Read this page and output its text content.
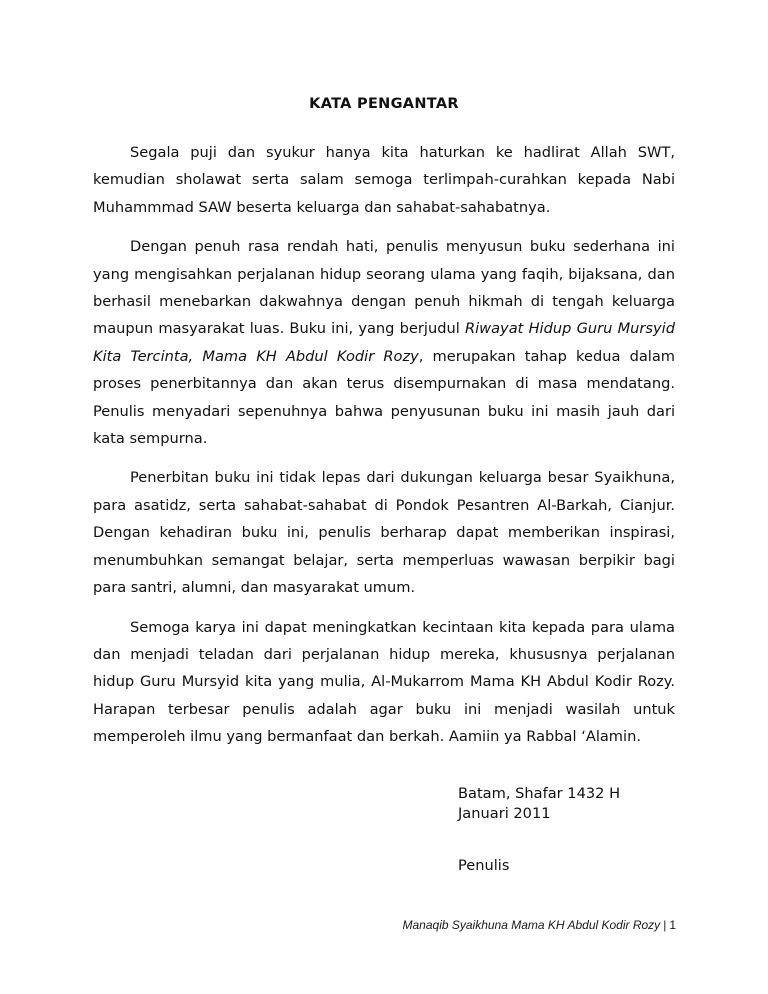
KATA PENGANTAR

Segala puji dan syukur hanya kita haturkan ke hadlirat Allah SWT, kemudian sholawat serta salam semoga terlimpah-curahkan kepada Nabi Muhammmad SAW beserta keluarga dan sahabat-sahabatnya.

Dengan penuh rasa rendah hati, penulis menyusun buku sederhana ini yang mengisahkan perjalanan hidup seorang ulama yang faqih, bijaksana, dan berhasil menebarkan dakwahnya dengan penuh hikmah di tengah keluarga maupun masyarakat luas. Buku ini, yang berjudul Riwayat Hidup Guru Mursyid Kita Tercinta, Mama KH Abdul Kodir Rozy, merupakan tahap kedua dalam proses penerbitannya dan akan terus disempurnakan di masa mendatang. Penulis menyadari sepenuhnya bahwa penyusunan buku ini masih jauh dari kata sempurna.

Penerbitan buku ini tidak lepas dari dukungan keluarga besar Syaikhuna, para asatidz, serta sahabat-sahabat di Pondok Pesantren Al-Barkah, Cianjur. Dengan kehadiran buku ini, penulis berharap dapat memberikan inspirasi, menumbuhkan semangat belajar, serta memperluas wawasan berpikir bagi para santri, alumni, dan masyarakat umum.

Semoga karya ini dapat meningkatkan kecintaan kita kepada para ulama dan menjadi teladan dari perjalanan hidup mereka, khususnya perjalanan hidup Guru Mursyid kita yang mulia, Al-Mukarrom Mama KH Abdul Kodir Rozy. Harapan terbesar penulis adalah agar buku ini menjadi wasilah untuk memperoleh ilmu yang bermanfaat dan berkah. Aamiin ya Rabbal ‘Alamin.

Batam, Shafar 1432 H
Januari 2011
Penulis
Manaqib Syaikhuna Mama KH Abdul Kodir Rozy | 1
